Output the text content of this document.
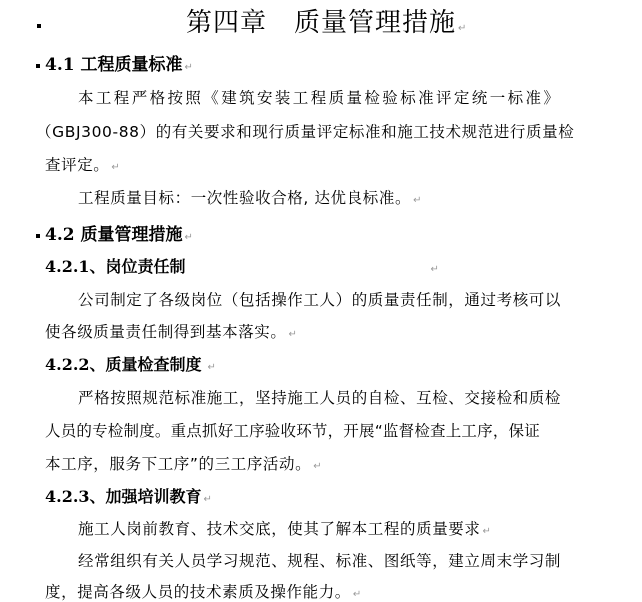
第四章　质量管理措施 ↵
4.1 工程质量标准 ↵
本工程严格按照《建筑安装工程质量检验标准评定统一标准》
（GBJ300-88）的有关要求和现行质量评定标准和施工技术规范进行质量检
查评定。 ↵
工程质量目标：一次性验收合格, 达优良标准。 ↵
4.2 质量管理措施 ↵
4.2.1、岗位责任制	↵
公司制定了各级岗位（包括操作工人）的质量责任制，通过考核可以
使各级质量责任制得到基本落实。 ↵
4.2.2、质量检查制度 ↵
严格按照规范标准施工，坚持施工人员的自检、互检、交接检和质检
人员的专检制度。重点抓好工序验收环节，开展“监督检查上工序，保证
本工序，服务下工序”的三工序活动。 ↵
4.2.3、加强培训教育 ↵
施工人岗前教育、技术交底，使其了解本工程的质量要求 ↵
经常组织有关人员学习规范、规程、标准、图纸等，建立周末学习制
度，提高各级人员的技术素质及操作能力。 ↵
